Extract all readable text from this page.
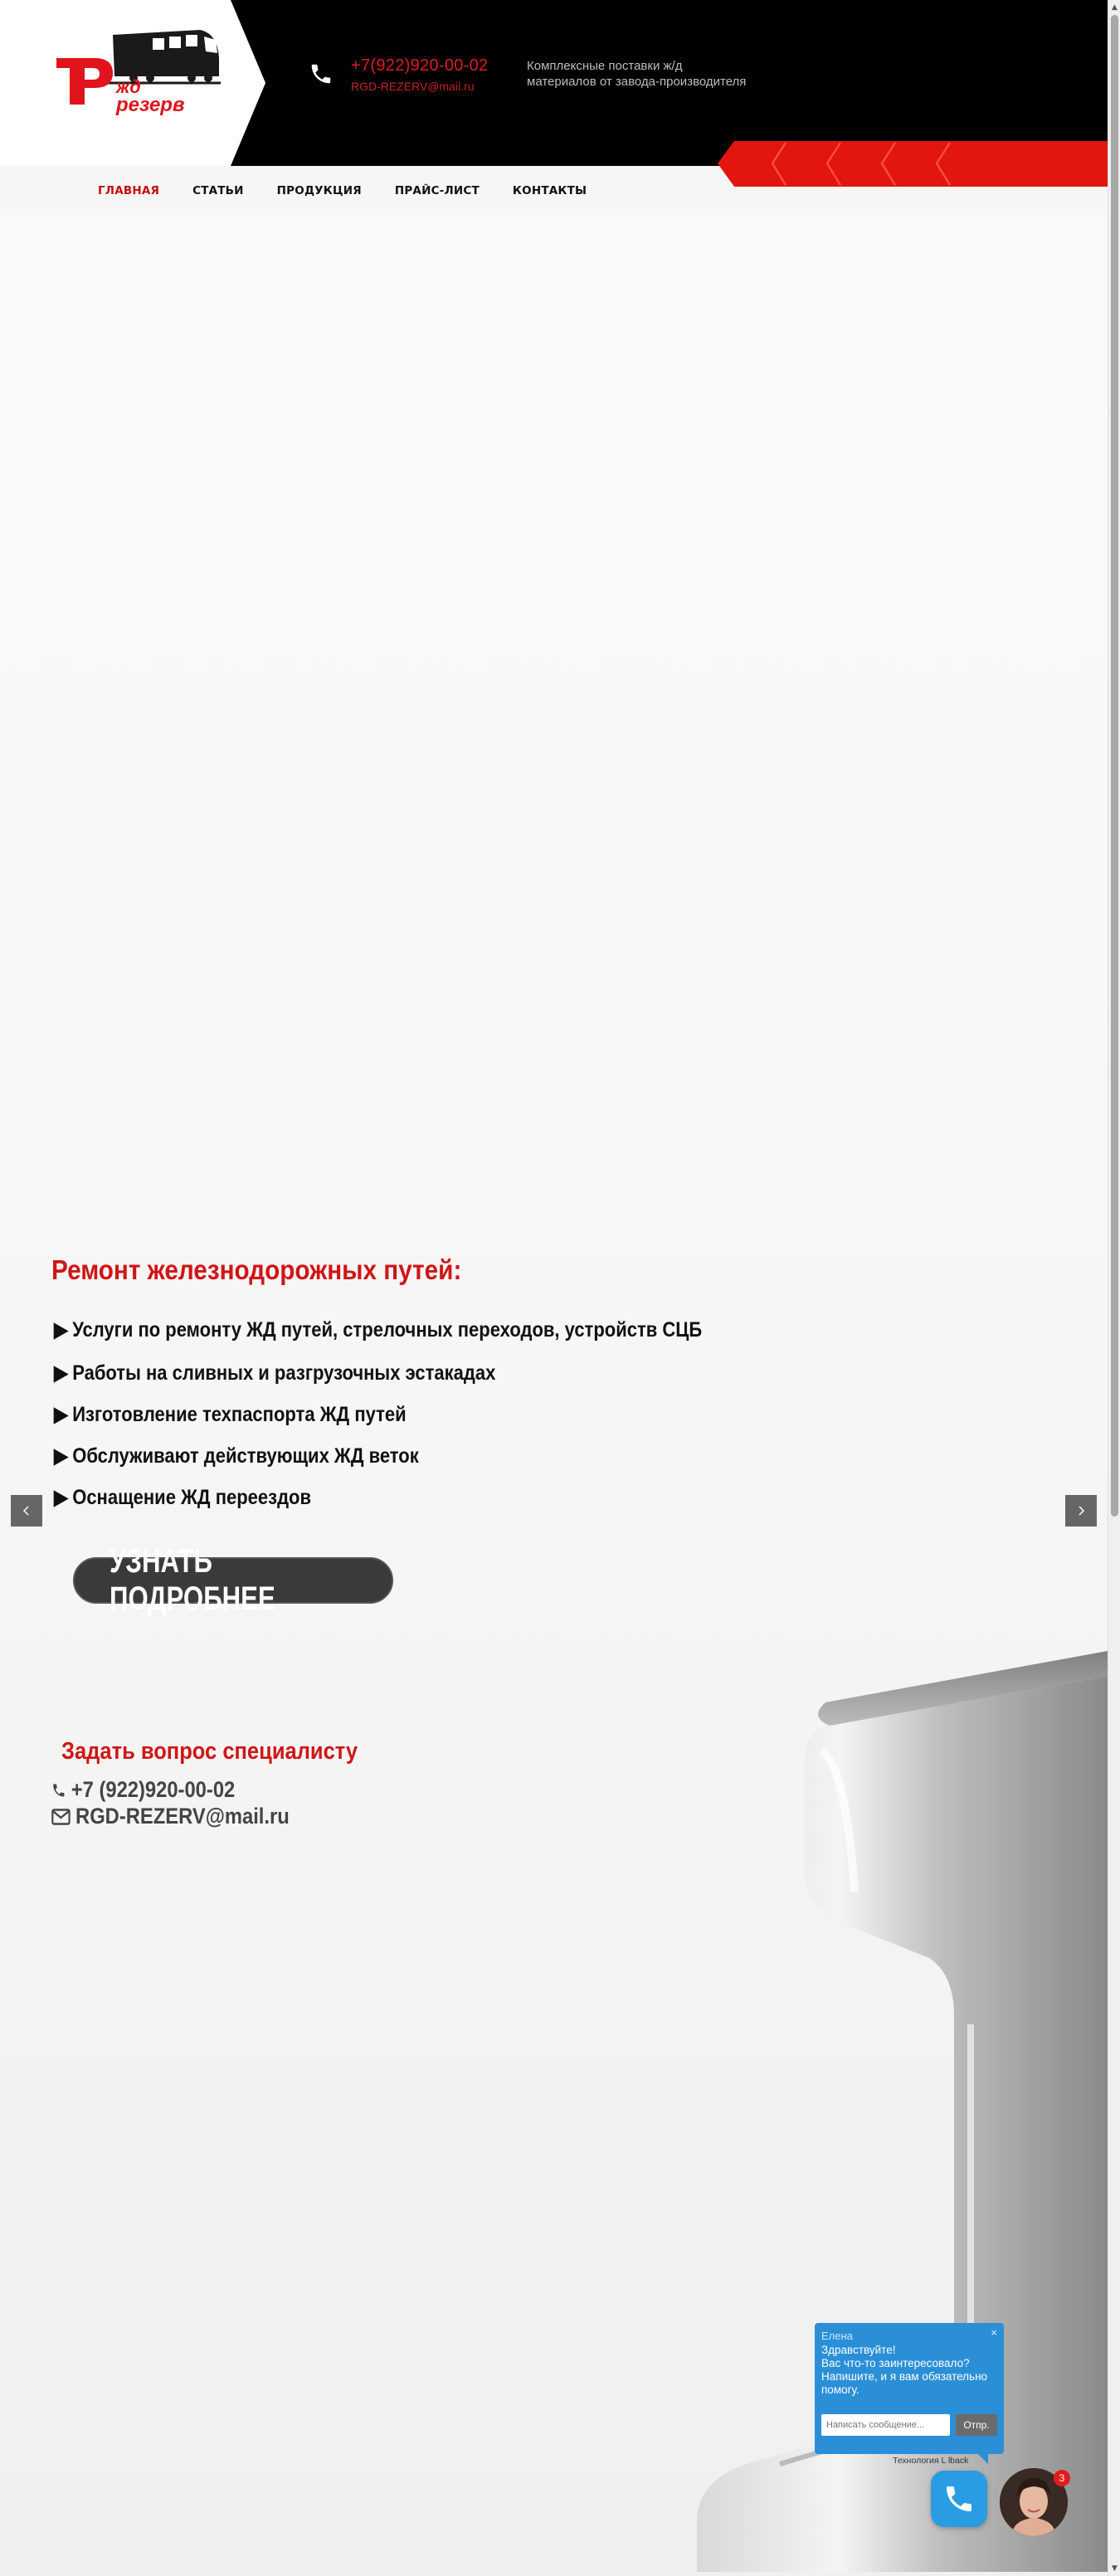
жд
резерв
+7(922)920-00-02
RGD-REZERV@mail.ru
Комплексные поставки ж/д
материалов от завода-производителя
ГЛАВНАЯ	СТАТЬИ	ПРОДУКЦИЯ	ПРАЙС-ЛИСТ	КОНТАКТЫ
Ремонт железнодорожных путей:
▶ Услуги по ремонту ЖД путей, стрелочных переходов, устройств СЦБ
▶ Работы на сливных и разгрузочных эстакадах
▶ Изготовление техпаспорта ЖД путей
▶ Обслуживают действующих ЖД веток
▶ Оснащение ЖД переездов
УЗНАТЬ ПОДРОБНЕЕ
Задать вопрос специалисту
+7 (922)920-00-02
RGD-REZERV@mail.ru
Елена	×
Здравствуйте!
Вас что-то заинтересовало? Напишите, и я вам обязательно помогу.
Написать сообщение...
Отпр.
Технология L lback
3
▲
▼
